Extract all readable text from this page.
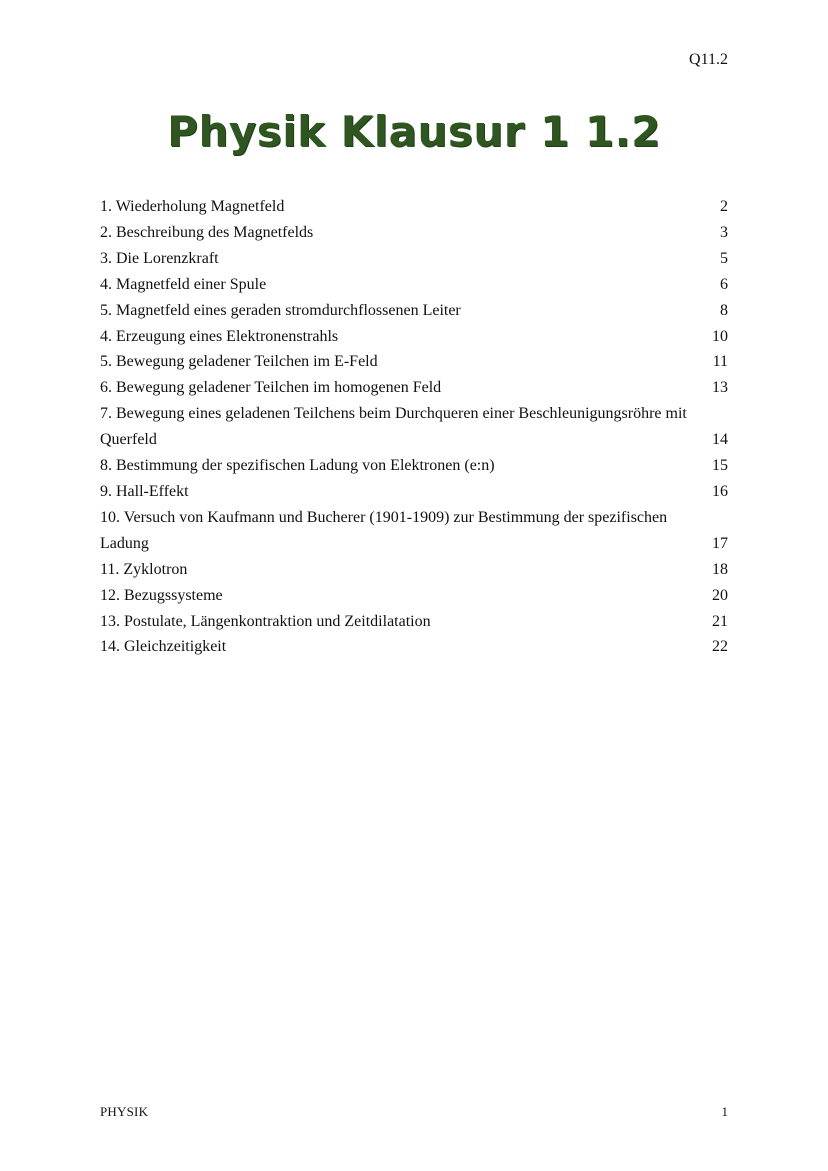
Q11.2
Physik Klausur 1 1.2
1. Wiederholung Magnetfeld	2
2. Beschreibung des Magnetfelds	3
3. Die Lorenzkraft	5
4. Magnetfeld einer Spule	6
5. Magnetfeld eines geraden stromdurchflossenen Leiter	8
4. Erzeugung eines Elektronenstrahls	10
5. Bewegung geladener Teilchen im E-Feld	11
6. Bewegung geladener Teilchen im homogenen Feld	13
7. Bewegung eines geladenen Teilchens beim Durchqueren einer Beschleunigungsröhre mit
Querfeld	14
8. Bestimmung der spezifischen Ladung von Elektronen (e:n)	15
9. Hall-Effekt	16
10. Versuch von Kaufmann und Bucherer (1901-1909) zur Bestimmung der spezifischen
Ladung	17
11. Zyklotron	18
12. Bezugssysteme	20
13. Postulate, Längenkontraktion und Zeitdilatation	21
14. Gleichzeitigkeit	22
PHYSIK	1
